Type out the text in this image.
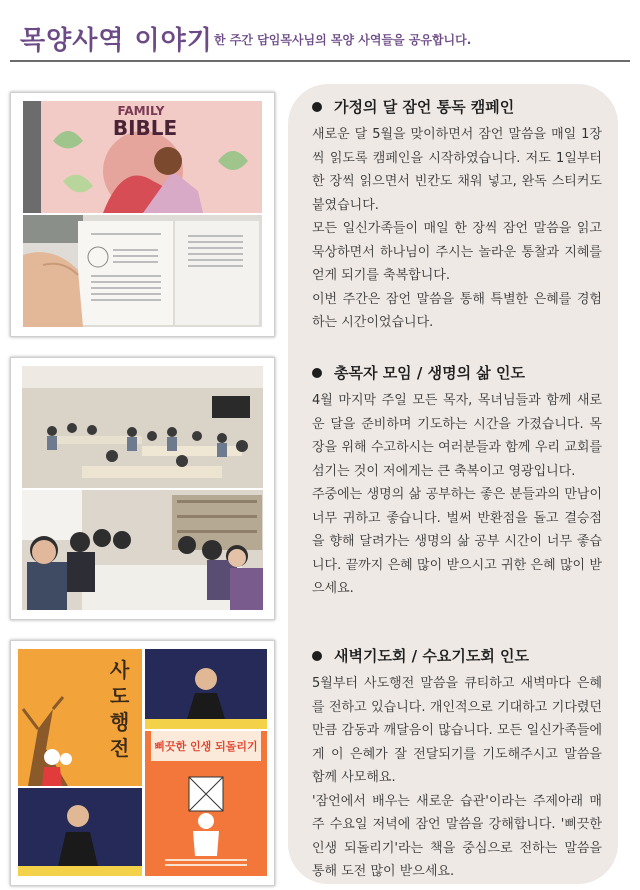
목양사역 이야기 한 주간 담임목사님의 목양 사역들을 공유합니다.
FAMILY
BIBLE
사도행전	삐끗한 인생 되돌리기
가정의 달 잠언 통독 캠페인

새로운 달 5월을 맞이하면서 잠언 말씀을 매일 1장씩 읽도록 캠페인을 시작하였습니다. 저도 1일부터 한 장씩 읽으면서 빈칸도 채워 넣고, 완독 스티커도 붙였습니다.

모든 일신가족들이 매일 한 장씩 잠언 말씀을 읽고 묵상하면서 하나님이 주시는 놀라운 통찰과 지혜를 얻게 되기를 축복합니다.

이번 주간은 잠언 말씀을 통해 특별한 은혜를 경험하는 시간이었습니다.

총목자 모임 / 생명의 삶 인도

4월 마지막 주일 모든 목자, 목녀님들과 함께 새로운 달을 준비하며 기도하는 시간을 가졌습니다. 목장을 위해 수고하시는 여러분들과 함께 우리 교회를 섬기는 것이 저에게는 큰 축복이고 영광입니다.

주중에는 생명의 삶 공부하는 좋은 분들과의 만남이 너무 귀하고 좋습니다. 벌써 반환점을 돌고 결승점을 향해 달려가는 생명의 삶 공부 시간이 너무 좋습니다. 끝까지 은혜 많이 받으시고 귀한 은혜 많이 받으세요.

새벽기도회 / 수요기도회 인도

5월부터 사도행전 말씀을 큐티하고 새벽마다 은혜를 전하고 있습니다. 개인적으로 기대하고 기다렸던 만큼 감동과 깨달음이 많습니다. 모든 일신가족들에게 이 은혜가 잘 전달되기를 기도해주시고 말씀을 함께 사모해요.

'잠언에서 배우는 새로운 습관'이라는 주제아래 매 주 수요일 저녁에 잠언 말씀을 강해합니다. '삐끗한 인생 되돌리기'라는 책을 중심으로 전하는 말씀을 통해 도전 많이 받으세요.
